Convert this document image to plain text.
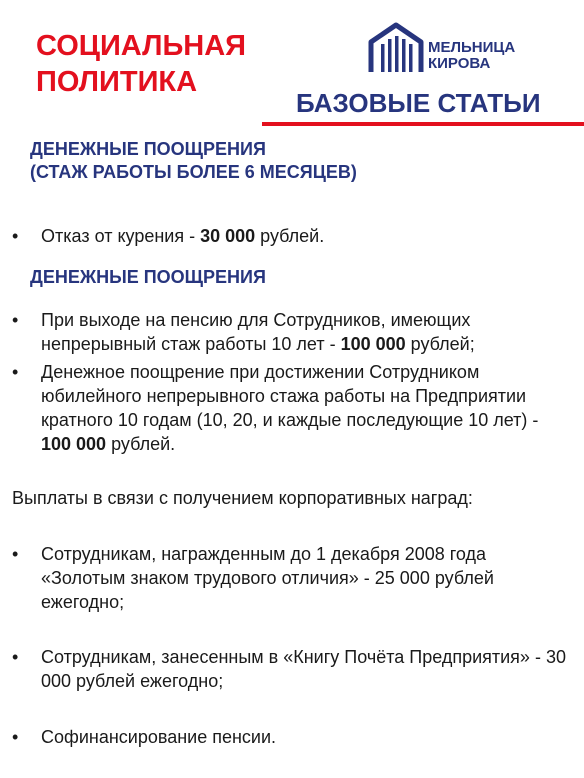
СОЦИАЛЬНАЯ
ПОЛИТИКА
МЕЛЬНИЦА
КИРОВА
БАЗОВЫЕ СТАТЬИ
ДЕНЕЖНЫЕ ПООЩРЕНИЯ
(СТАЖ РАБОТЫ БОЛЕЕ 6 МЕСЯЦЕВ)
•	Отказ от курения - 30 000 рублей.
ДЕНЕЖНЫЕ ПООЩРЕНИЯ
•	При выходе на пенсию для Сотрудников, имеющих непрерывный стаж работы 10 лет - 100 000 рублей;
•	Денежное поощрение при достижении Сотрудником юбилейного непрерывного стажа работы на Предприятии кратного 10 годам (10, 20, и каждые последующие 10 лет) - 100 000 рублей.
Выплаты в связи с получением корпоративных наград:
•	Сотрудникам, награжденным до 1 декабря 2008 года «Золотым знаком трудового отличия» - 25 000 рублей ежегодно;
•	Сотрудникам, занесенным в «Книгу Почёта Предприятия» - 30 000 рублей ежегодно;
•	Софинансирование пенсии.
